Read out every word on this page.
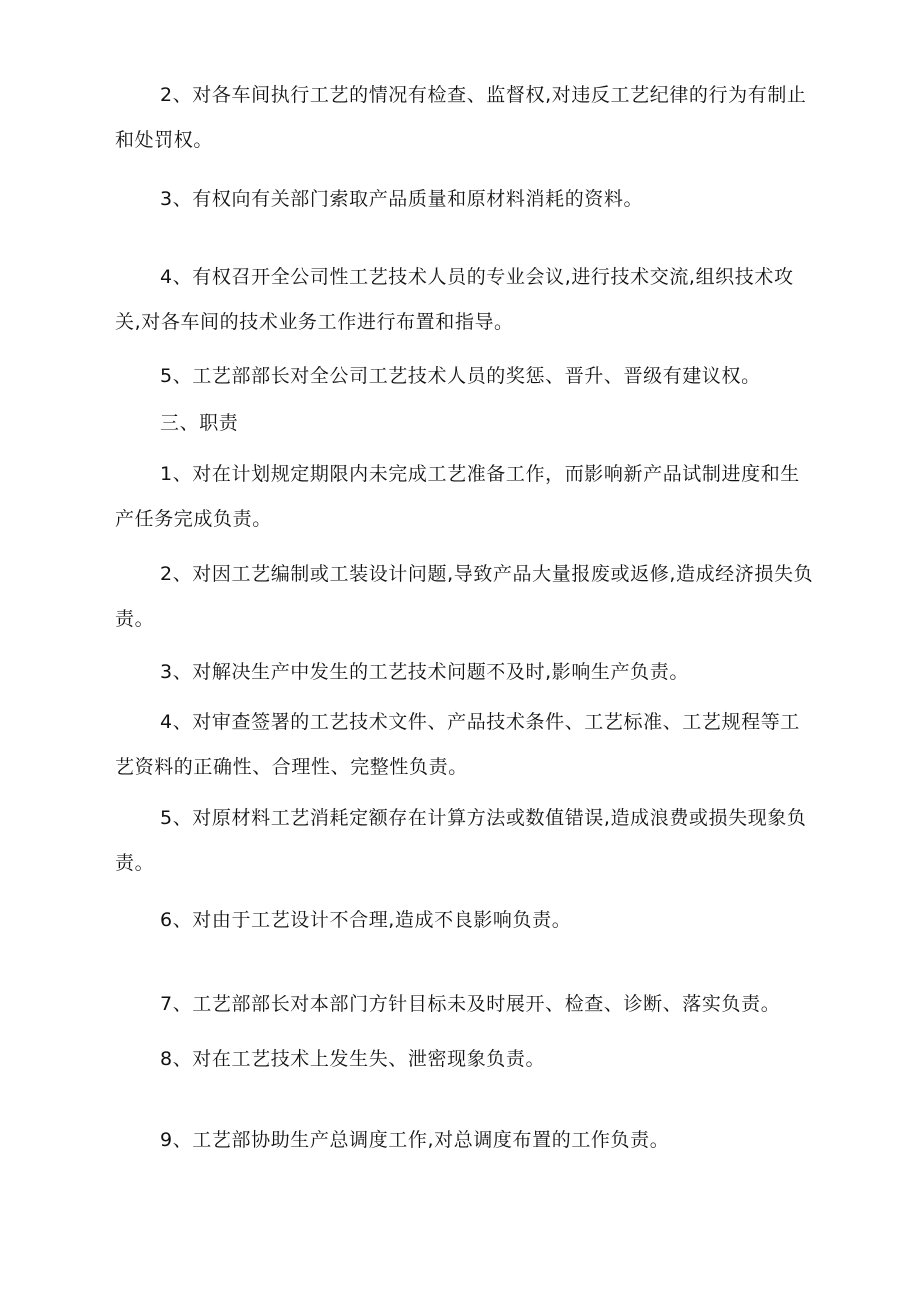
2、对各车间执行工艺的情况有检查、监督权,对违反工艺纪律的行为有制止和处罚权。

3、有权向有关部门索取产品质量和原材料消耗的资料。

4、有权召开全公司性工艺技术人员的专业会议,进行技术交流,组织技术攻关,对各车间的技术业务工作进行布置和指导。

5、工艺部部长对全公司工艺技术人员的奖惩、晋升、晋级有建议权。

三、职责

1、对在计划规定期限内未完成工艺准备工作，而影响新产品试制进度和生产任务完成负责。

2、对因工艺编制或工装设计问题,导致产品大量报废或返修,造成经济损失负责。

3、对解决生产中发生的工艺技术问题不及时,影响生产负责。

4、对审查签署的工艺技术文件、产品技术条件、工艺标准、工艺规程等工艺资料的正确性、合理性、完整性负责。

5、对原材料工艺消耗定额存在计算方法或数值错误,造成浪费或损失现象负责。

6、对由于工艺设计不合理,造成不良影响负责。

7、工艺部部长对本部门方针目标未及时展开、检查、诊断、落实负责。

8、对在工艺技术上发生失、泄密现象负责。

9、工艺部协助生产总调度工作,对总调度布置的工作负责。
